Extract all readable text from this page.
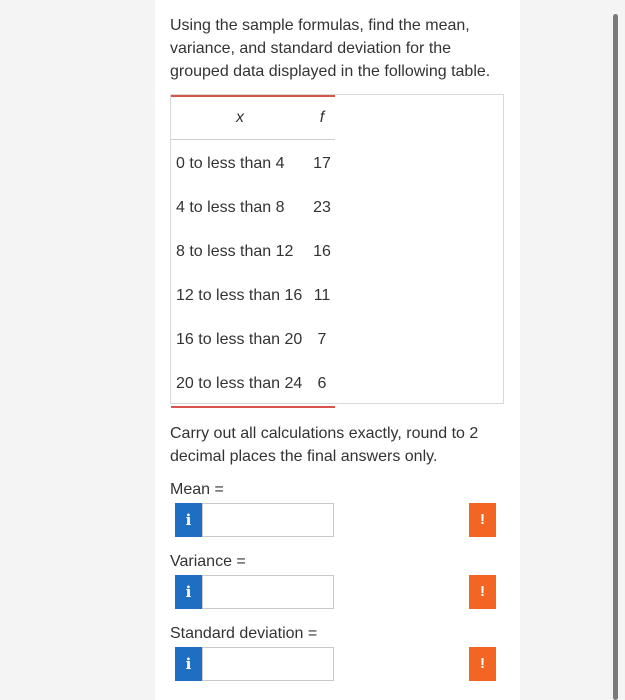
Using the sample formulas, find the mean, variance, and standard deviation for the grouped data displayed in the following table.
x	f
0 to less than 4	17
4 to less than 8	23
8 to less than 12	16
12 to less than 16	11
16 to less than 20	7
20 to less than 24	6
Carry out all calculations exactly, round to 2 decimal places the final answers only.
Mean =
i	!
Variance =
i	!
Standard deviation =
i	!
